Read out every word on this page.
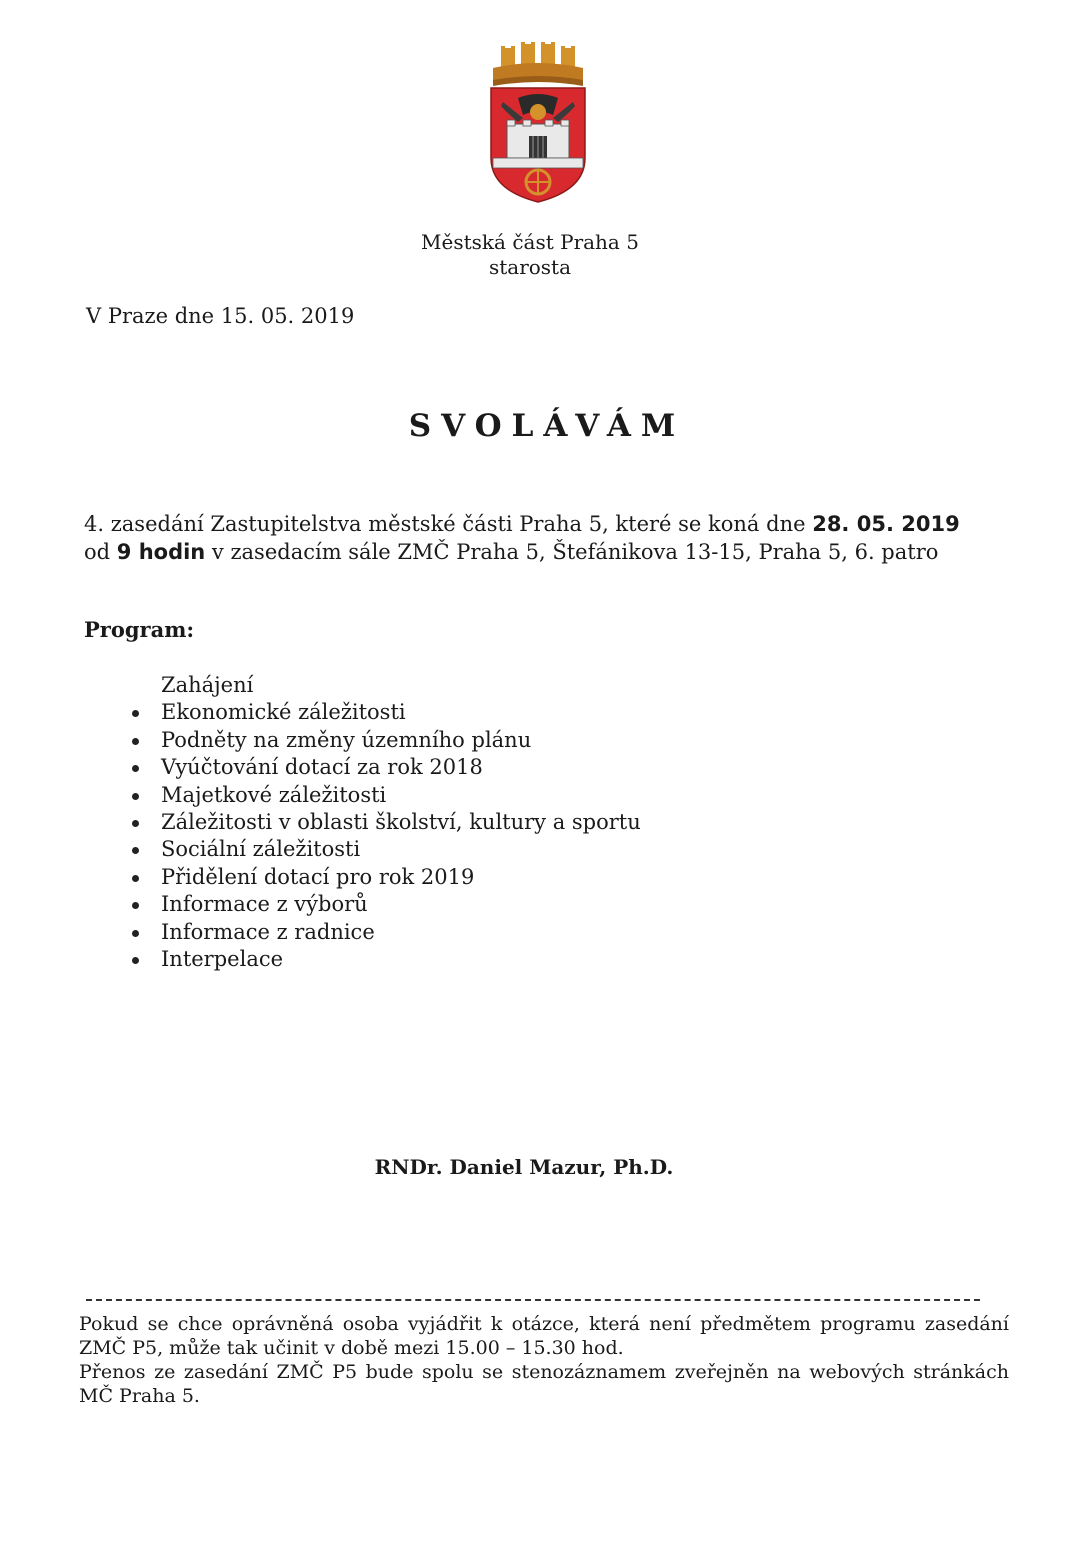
Městská část Praha 5
starosta
V Praze dne 15. 05. 2019
SVOLÁVÁM
4. zasedání Zastupitelstva městské části Praha 5, které se koná dne 28. 05. 2019
od 9 hodin v zasedacím sále ZMČ Praha 5, Štefánikova 13-15, Praha 5, 6. patro
Program:
Zahájení
Ekonomické záležitosti
Podněty na změny územního plánu
Vyúčtování dotací za rok 2018
Majetkové záležitosti
Záležitosti v oblasti školství, kultury a sportu
Sociální záležitosti
Přidělení dotací pro rok 2019
Informace z výborů
Informace z radnice
Interpelace
RNDr. Daniel Mazur, Ph.D.

Pokud se chce oprávněná osoba vyjádřit k otázce, která není předmětem programu zasedání ZMČ P5, může tak učinit v době mezi 15.00 – 15.30 hod.

Přenos ze zasedání ZMČ P5 bude spolu se stenozáznamem zveřejněn na webových stránkách MČ Praha 5.
